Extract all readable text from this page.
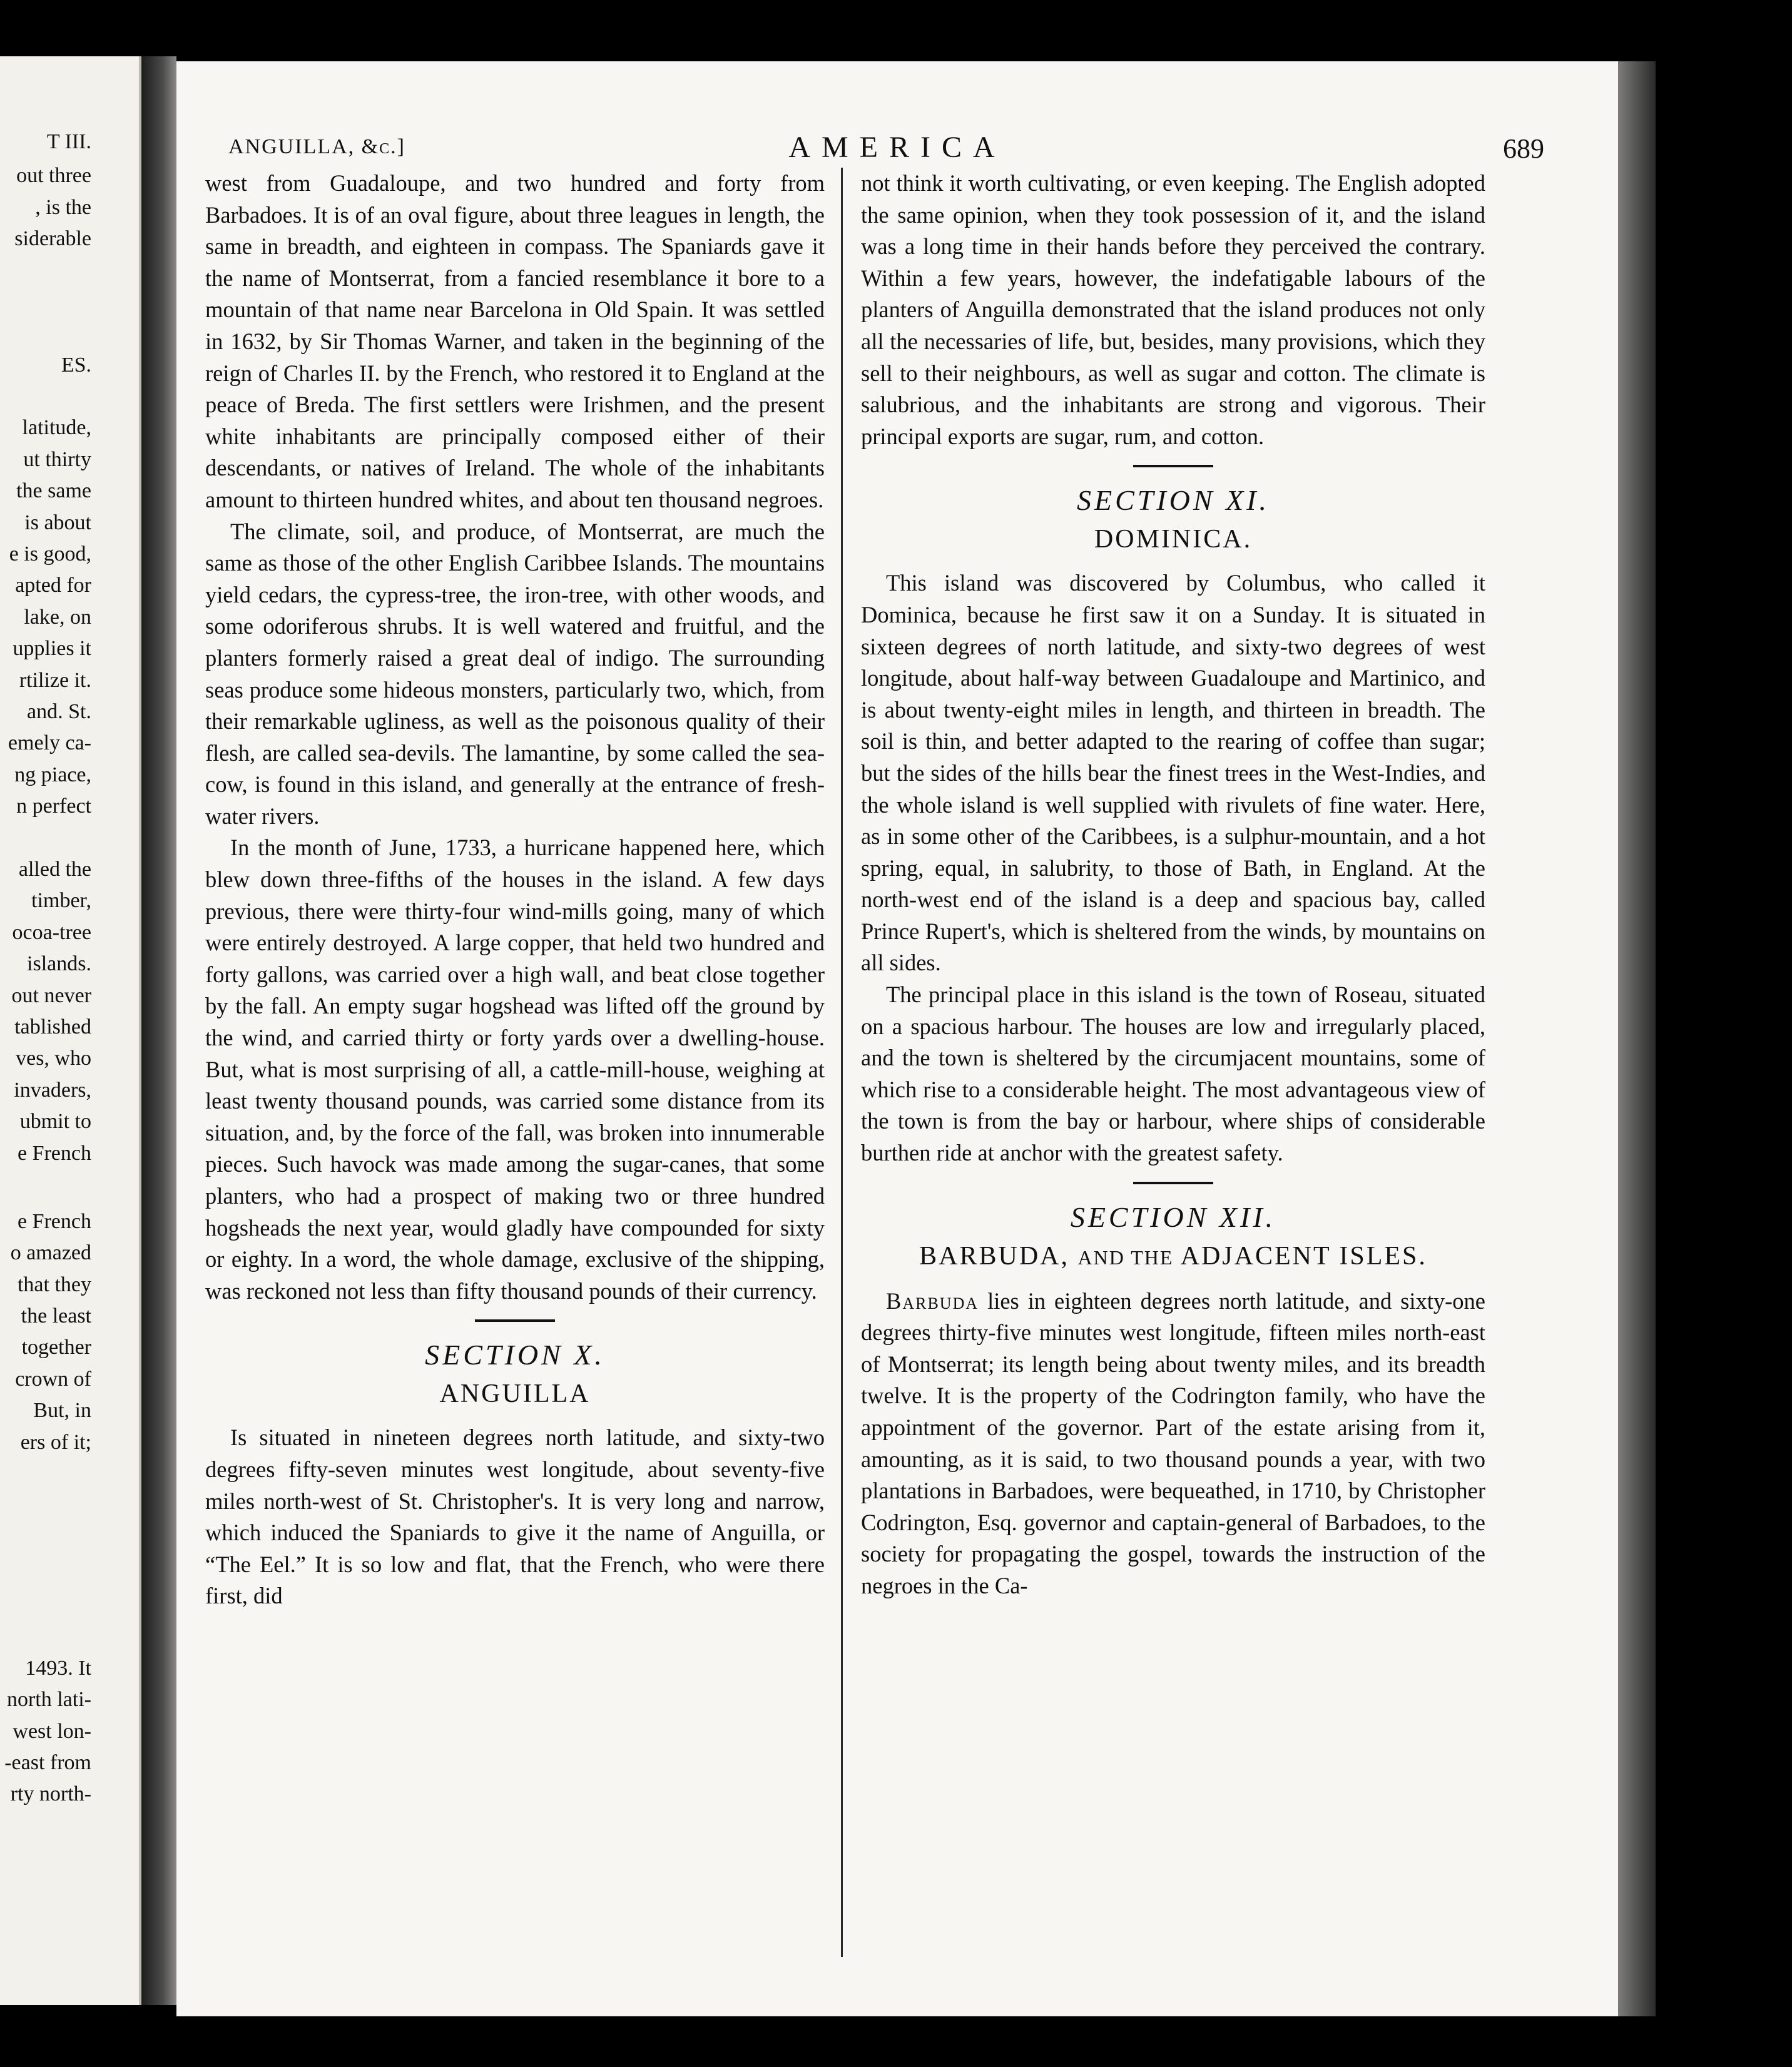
T III.
out three
, is the
siderable
ES.
latitude,
ut thirty
the same
is about
e is good,
apted for
lake, on
upplies it
rtilize it.
and. St.
emely ca-
ng piace,
n perfect
alled the
timber,
ocoa-tree
islands.
out never
tablished
ves, who
invaders,
ubmit to
e French
e French
o amazed
that they
the least
together
crown of
But, in
ers of it;
1493. It
north lati-
west lon-
-east from
rty north-
ANGUILLA, &c.]	AMERICA	689

west from Guadaloupe, and two hundred and forty from Barbadoes. It is of an oval figure, about three leagues in length, the same in breadth, and eighteen in compass. The Spaniards gave it the name of Montserrat, from a fancied resemblance it bore to a mountain of that name near Barcelona in Old Spain. It was settled in 1632, by Sir Thomas Warner, and taken in the beginning of the reign of Charles II. by the French, who restored it to England at the peace of Breda. The first settlers were Irishmen, and the present white inhabitants are principally composed either of their descendants, or natives of Ireland. The whole of the inhabitants amount to thirteen hundred whites, and about ten thousand negroes.

The climate, soil, and produce, of Montserrat, are much the same as those of the other English Caribbee Islands. The mountains yield cedars, the cypress-tree, the iron-tree, with other woods, and some odoriferous shrubs. It is well watered and fruitful, and the planters formerly raised a great deal of indigo. The surrounding seas produce some hideous monsters, particularly two, which, from their remarkable ugliness, as well as the poisonous quality of their flesh, are called sea-devils. The lamantine, by some called the sea-cow, is found in this island, and generally at the entrance of fresh-water rivers.

In the month of June, 1733, a hurricane happened here, which blew down three-fifths of the houses in the island. A few days previous, there were thirty-four wind-mills going, many of which were entirely destroyed. A large copper, that held two hundred and forty gallons, was carried over a high wall, and beat close together by the fall. An empty sugar hogshead was lifted off the ground by the wind, and carried thirty or forty yards over a dwelling-house. But, what is most surprising of all, a cattle-mill-house, weighing at least twenty thousand pounds, was carried some distance from its situation, and, by the force of the fall, was broken into innumerable pieces. Such havock was made among the sugar-canes, that some planters, who had a prospect of making two or three hundred hogsheads the next year, would gladly have compounded for sixty or eighty. In a word, the whole damage, exclusive of the shipping, was reckoned not less than fifty thousand pounds of their currency.

SECTION X.
ANGUILLA

Is situated in nineteen degrees north latitude, and sixty-two degrees fifty-seven minutes west longitude, about seventy-five miles north-west of St. Christopher's. It is very long and narrow, which induced the Spaniards to give it the name of Anguilla, or “The Eel.” It is so low and flat, that the French, who were there first, did

not think it worth cultivating, or even keeping. The English adopted the same opinion, when they took possession of it, and the island was a long time in their hands before they perceived the contrary. Within a few years, however, the indefatigable labours of the planters of Anguilla demonstrated that the island produces not only all the necessaries of life, but, besides, many provisions, which they sell to their neighbours, as well as sugar and cotton. The climate is salubrious, and the inhabitants are strong and vigorous. Their principal exports are sugar, rum, and cotton.

SECTION XI.
DOMINICA.

This island was discovered by Columbus, who called it Dominica, because he first saw it on a Sunday. It is situated in sixteen degrees of north latitude, and sixty-two degrees of west longitude, about half-way between Guadaloupe and Martinico, and is about twenty-eight miles in length, and thirteen in breadth. The soil is thin, and better adapted to the rearing of coffee than sugar; but the sides of the hills bear the finest trees in the West-Indies, and the whole island is well supplied with rivulets of fine water. Here, as in some other of the Caribbees, is a sulphur-mountain, and a hot spring, equal, in salubrity, to those of Bath, in England. At the north-west end of the island is a deep and spacious bay, called Prince Rupert's, which is sheltered from the winds, by mountains on all sides.

The principal place in this island is the town of Roseau, situated on a spacious harbour. The houses are low and irregularly placed, and the town is sheltered by the circumjacent mountains, some of which rise to a considerable height. The most advantageous view of the town is from the bay or harbour, where ships of considerable burthen ride at anchor with the greatest safety.

SECTION XII.
BARBUDA, AND THE ADJACENT ISLES.

Barbuda lies in eighteen degrees north latitude, and sixty-one degrees thirty-five minutes west longitude, fifteen miles north-east of Montserrat; its length being about twenty miles, and its breadth twelve. It is the property of the Codrington family, who have the appointment of the governor. Part of the estate arising from it, amounting, as it is said, to two thousand pounds a year, with two plantations in Barbadoes, were bequeathed, in 1710, by Christopher Codrington, Esq. governor and captain-general of Barbadoes, to the society for propagating the gospel, towards the instruction of the negroes in the Ca-
